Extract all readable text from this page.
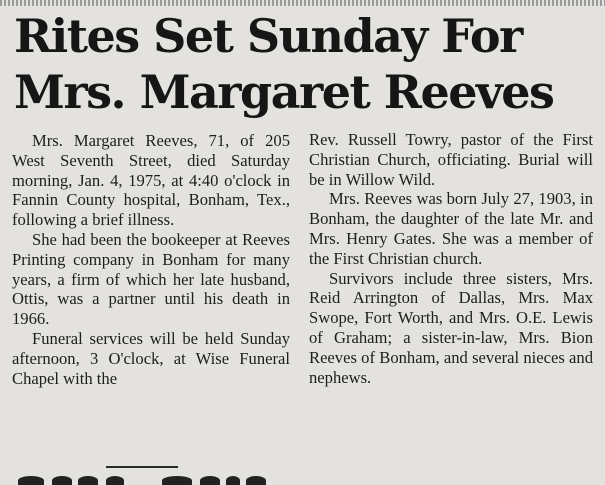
Rites Set Sunday For
Mrs. Margaret Reeves

Mrs. Margaret Reeves, 71, of 205 West Seventh Street, died Saturday morning, Jan. 4, 1975, at 4:40 o'clock in Fannin County hospital, Bonham, Tex., following a brief illness.

She had been the bookeeper at Reeves Printing company in Bonham for many years, a firm of which her late husband, Ottis, was a partner until his death in 1966.

Funeral services will be held Sunday afternoon, 3 O'clock, at Wise Funeral Chapel with the

Rev. Russell Towry, pastor of the First Christian Church, officiating. Burial will be in Willow Wild.

Mrs. Reeves was born July 27, 1903, in Bonham, the daughter of the late Mr. and Mrs. Henry Gates. She was a member of the First Christian church.

Survivors include three sisters, Mrs. Reid Arrington of Dallas, Mrs. Max Swope, Fort Worth, and Mrs. O.E. Lewis of Graham; a sister-in-law, Mrs. Bion Reeves of Bonham, and several nieces and nephews.
